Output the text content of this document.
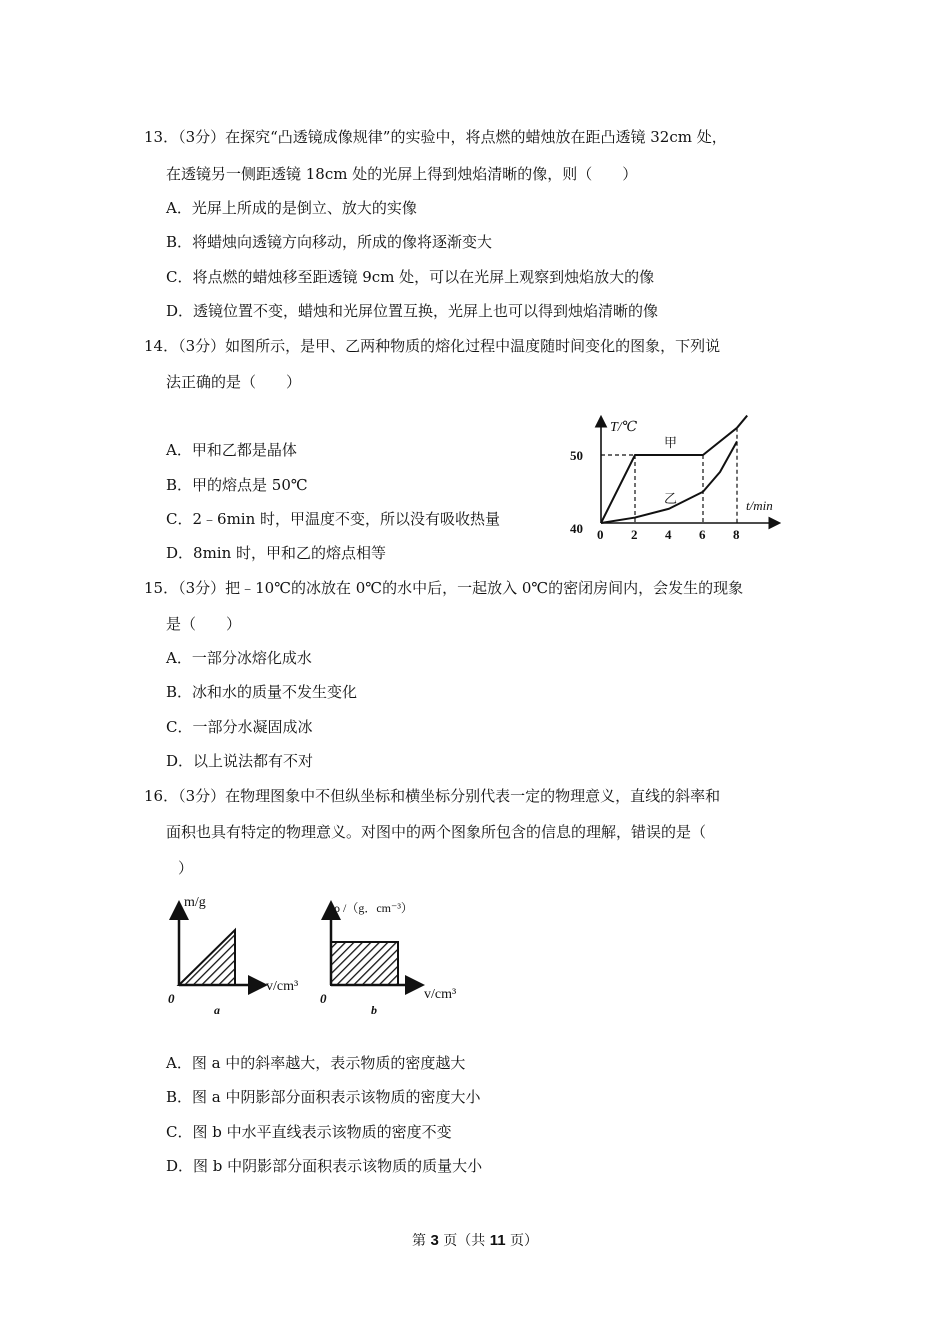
13．（3分）在探究“凸透镜成像规律”的实验中，将点燃的蜡烛放在距凸透镜 32cm 处，
在透镜另一侧距透镜 18cm 处的光屏上得到烛焰清晰的像，则（　　）
A．光屏上所成的是倒立、放大的实像
B．将蜡烛向透镜方向移动，所成的像将逐渐变大
C．将点燃的蜡烛移至距透镜 9cm 处，可以在光屏上观察到烛焰放大的像
D．透镜位置不变，蜡烛和光屏位置互换，光屏上也可以得到烛焰清晰的像
14．（3分）如图所示，是甲、乙两种物质的熔化过程中温度随时间变化的图象，下列说
法正确的是（　　）
A．甲和乙都是晶体
B．甲的熔点是 50℃
C．2﹣6min 时，甲温度不变，所以没有吸收热量
D．8min 时，甲和乙的熔点相等
T/℃
t/min
0 2 4 6 8
40
50
甲
乙
15．（3分）把﹣10℃的冰放在 0℃的水中后，一起放入 0℃的密闭房间内，会发生的现象
是（　　）
A．一部分冰熔化成水
B．冰和水的质量不发生变化
C．一部分水凝固成冰
D．以上说法都有不对
16．（3分）在物理图象中不但纵坐标和横坐标分别代表一定的物理意义，直线的斜率和
面积也具有特定的物理意义。对图中的两个图象所包含的信息的理解，错误的是（
）
m/g
v/cm³
0
a
ρ /（g．cm⁻³）
v/cm³
0
b
A．图 a 中的斜率越大，表示物质的密度越大
B．图 a 中阴影部分面积表示该物质的密度大小
C．图 b 中水平直线表示该物质的密度不变
D．图 b 中阴影部分面积表示该物质的质量大小
第 3 页（共 11 页）
